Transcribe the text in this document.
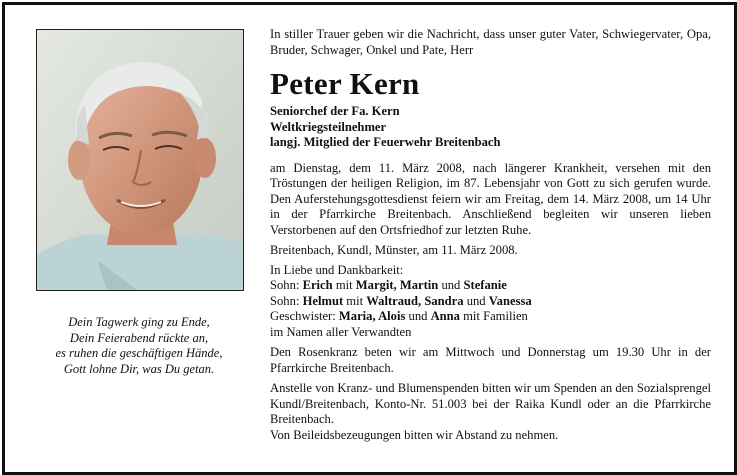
Dein Tagwerk ging zu Ende,
Dein Feierabend rückte an,
es ruhen die geschäftigen Hände,
Gott lohne Dir, was Du getan.

In stiller Trauer geben wir die Nachricht, dass unser guter Vater, Schwiegervater, Opa, Bruder, Schwager, Onkel und Pate, Herr

Peter Kern
Seniorchef der Fa. Kern
Weltkriegsteilnehmer
langj. Mitglied der Feuerwehr Breitenbach

am Dienstag, dem 11. März 2008, nach längerer Krankheit, versehen mit den Tröstungen der heiligen Religion, im 87. Lebensjahr von Gott zu sich gerufen wurde. Den Auferstehungsgottesdienst feiern wir am Freitag, dem 14. März 2008, um 14 Uhr in der Pfarrkirche Breitenbach. Anschließend begleiten wir unseren lieben Verstorbenen auf den Ortsfriedhof zur letzten Ruhe.

Breitenbach, Kundl, Münster, am 11. März 2008.

In Liebe und Dankbarkeit:
Sohn: Erich mit Margit, Martin und Stefanie
Sohn: Helmut mit Waltraud, Sandra und Vanessa
Geschwister: Maria, Alois und Anna mit Familien
im Namen aller Verwandten

Den Rosenkranz beten wir am Mittwoch und Donnerstag um 19.30 Uhr in der Pfarrkirche Breitenbach.

Anstelle von Kranz- und Blumenspenden bitten wir um Spenden an den Sozialsprengel Kundl/Breitenbach, Konto-Nr. 51.003 bei der Raika Kundl oder an die Pfarrkirche Breitenbach.

Von Beileidsbezeugungen bitten wir Abstand zu nehmen.
